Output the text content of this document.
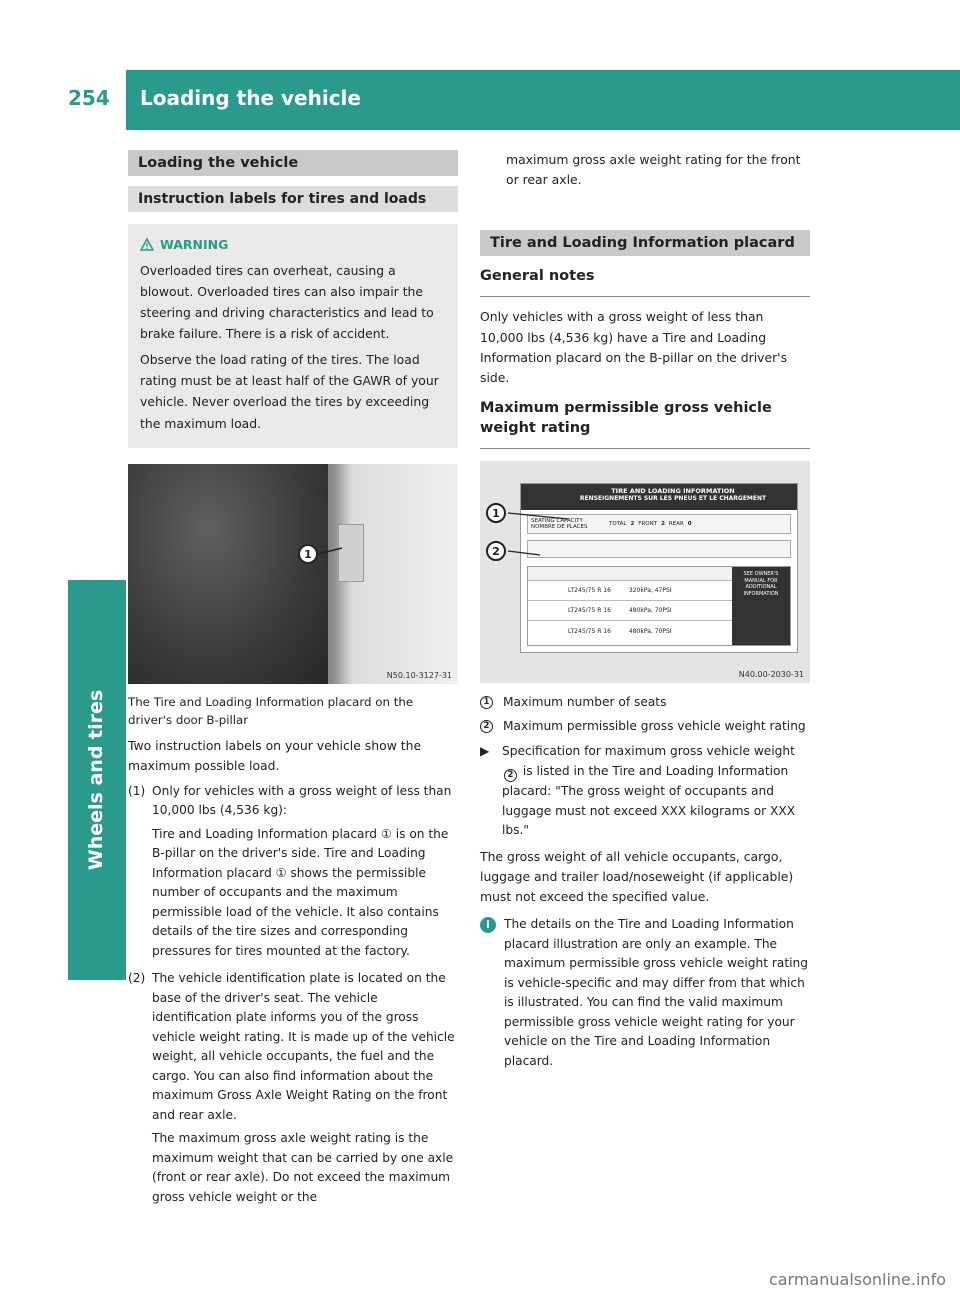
254 Loading the vehicle
Wheels and tires
Loading the vehicle
Instruction labels for tires and loads
WARNING

Overloaded tires can overheat, causing a blowout. Overloaded tires can also impair the steering and driving characteristics and lead to brake failure. There is a risk of accident.

Observe the load rating of the tires. The load rating must be at least half of the GAWR of your vehicle. Never overload the tires by exceeding the maximum load.

1
N50.10-3127-31
The Tire and Loading Information placard on the driver's door B-pillar
Two instruction labels on your vehicle show the maximum possible load.
(1) Only for vehicles with a gross weight of less than 10,000 lbs (4,536 kg):

Tire and Loading Information placard ① is on the B-pillar on the driver's side. Tire and Loading Information placard ① shows the permissible number of occupants and the maximum permissible load of the vehicle. It also contains details of the tire sizes and corresponding pressures for tires mounted at the factory.

(2) The vehicle identification plate is located on the base of the driver's seat. The vehicle identification plate informs you of the gross vehicle weight rating. It is made up of the vehicle weight, all vehicle occupants, the fuel and the cargo. You can also find information about the maximum Gross Axle Weight Rating on the front and rear axle.

The maximum gross axle weight rating is the maximum weight that can be carried by one axle (front or rear axle). Do not exceed the maximum gross vehicle weight or the

maximum gross axle weight rating for the front or rear axle.
Tire and Loading Information placard
General notes
Only vehicles with a gross weight of less than 10,000 lbs (4,536 kg) have a Tire and Loading Information placard on the B-pillar on the driver's side.
Maximum permissible gross vehicle weight rating
TIRE AND LOADING INFORMATION
RENSEIGNEMENTS SUR LES PNEUS ET LE CHARGEMENT
SEATING CAPACITY
NOMBRE DE PLACES	TOTAL 2 FRONT 2 REAR 0
LT245/75 R 16	320kPa, 47PSI
LT245/75 R 16	480kPa, 70PSI
LT245/75 R 16	480kPa, 70PSI
SEE OWNER'S MANUAL FOR ADDITIONAL INFORMATION
1
2
N40.00-2030-31
1 Maximum number of seats
2 Maximum permissible gross vehicle weight rating
▶	Specification for maximum gross vehicle weight 2 is listed in the Tire and Loading Information placard: "The gross weight of occupants and luggage must not exceed XXX kilograms or XXX lbs."
The gross weight of all vehicle occupants, cargo, luggage and trailer load/noseweight (if applicable) must not exceed the specified value.
i	The details on the Tire and Loading Information placard illustration are only an example. The maximum permissible gross vehicle weight rating is vehicle-specific and may differ from that which is illustrated. You can find the valid maximum permissible gross vehicle weight rating for your vehicle on the Tire and Loading Information placard.
carmanualsonline.info
